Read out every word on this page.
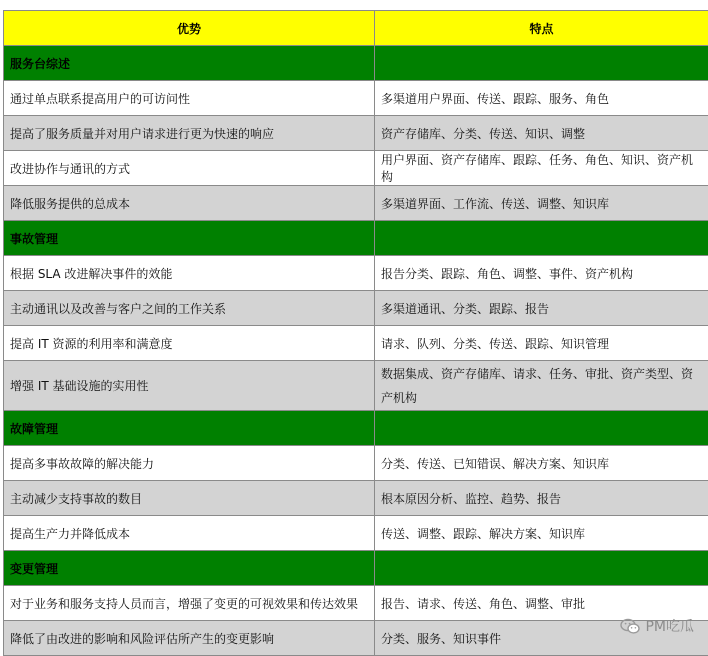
优势	特点
服务台综述	
通过单点联系提高用户的可访问性	多渠道用户界面、传送、跟踪、服务、角色
提高了服务质量并对用户请求进行更为快速的响应	资产存储库、分类、传送、知识、调整
改进协作与通讯的方式	用户界面、资产存储库、跟踪、任务、角色、知识、资产机构
降低服务提供的总成本	多渠道界面、工作流、传送、调整、知识库
事故管理	
根据 SLA 改进解决事件的效能	报告分类、跟踪、角色、调整、事件、资产机构
主动通讯以及改善与客户之间的工作关系	多渠道通讯、分类、跟踪、报告
提高 IT 资源的利用率和满意度	请求、队列、分类、传送、跟踪、知识管理
增强 IT 基础设施的实用性	数据集成、资产存储库、请求、任务、审批、资产类型、资产机构
故障管理	
提高多事故故障的解决能力	分类、传送、已知错误、解决方案、知识库
主动减少支持事故的数目	根本原因分析、监控、趋势、报告
提高生产力并降低成本	传送、调整、跟踪、解决方案、知识库
变更管理	
对于业务和服务支持人员而言，增强了变更的可视效果和传达效果	报告、请求、传送、角色、调整、审批
降低了由改进的影响和风险评估所产生的变更影响	分类、服务、知识事件
PM吃瓜
